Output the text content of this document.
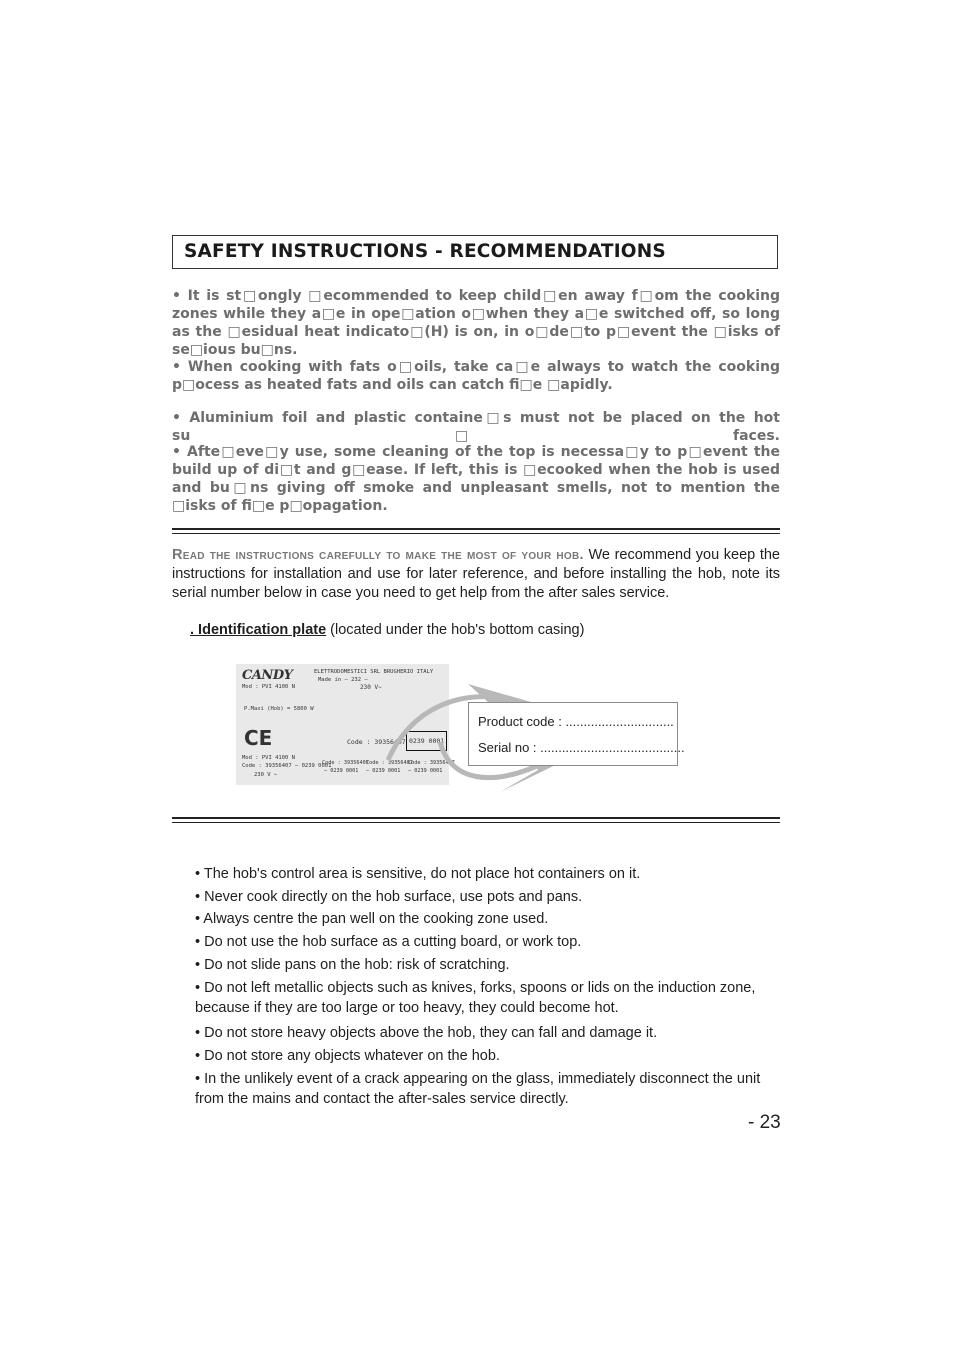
SAFETY INSTRUCTIONS - RECOMMENDATIONS
• It is st□ongly □ecommended to keep child□en away f□om the cooking zones while they a□e in ope□ation o□when they a□e switched off, so long as the □esidual heat indicato□(H) is on, in o□de□to p□event the □isks of se□ious bu□ns.
• When cooking with fats o□oils, take ca□e always to watch the cooking p□ocess as heated fats and oils can catch fi□e □apidly.
• Aluminium foil and plastic containe□s must not be placed on the hot su□faces.
• Afte□eve□y use, some cleaning of the top is necessa□y to p□event the build up of di□t and g□ease. If left, this is □ecooked when the hob is used and bu□ns giving off smoke and unpleasant smells, not to mention the □isks of fi□e p□opagation.
Read the instructions carefully to make the most of your hob. We recommend you keep the instructions for installation and use for later reference, and before installing the hob, note its serial number below in case you need to get help from the after sales service.
. Identification plate (located under the hob's bottom casing)
CANDY	ELETTRODOMESTICI SRL BRUGHERIO ITALY
Made in — 232 —
Mod : PVI 4100 N	230 V∼
P.Maxi (Hob) = 5800 W
CE	Code : 39356407 0239 0001
Mod : PVI 4100 N
Code : 39356407 — 0239 0001
230 V ∼
Code : 39356407
— 0239 0001
Code : 39356407
— 0239 0001
Code : 39356407
— 0239 0001
Product code : ..............................
Serial no : ........................................
• The hob's control area is sensitive, do not place hot containers on it.
• Never cook directly on the hob surface, use pots and pans.
• Always centre the pan well on the cooking zone used.
• Do not use the hob surface as a cutting board, or work top.
• Do not slide pans on the hob: risk of scratching.
• Do not left metallic objects such as knives, forks, spoons or lids on the induction zone, because if they are too large or too heavy, they could become hot.
• Do not store heavy objects above the hob, they can fall and damage it.
• Do not store any objects whatever on the hob.
• In the unlikely event of a crack appearing on the glass, immediately disconnect the unit from the mains and contact the after-sales service directly.
- 23
